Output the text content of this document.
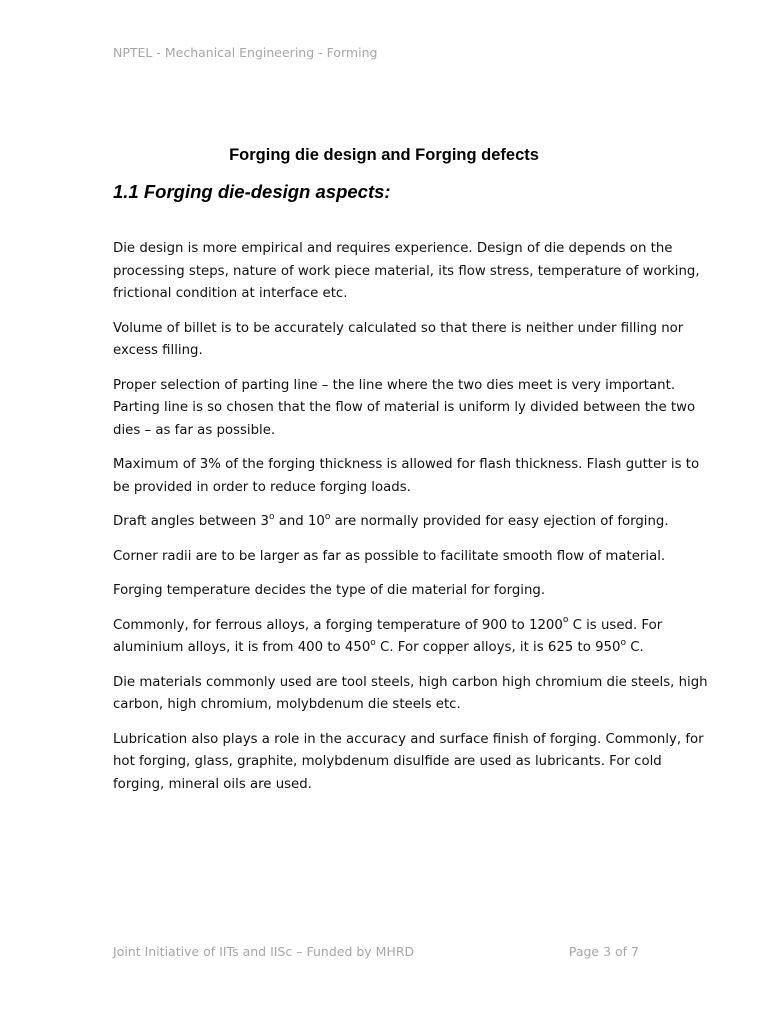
NPTEL - Mechanical Engineering - Forming
Forging die design and Forging defects
1.1 Forging die-design aspects:

Die design is more empirical and requires experience. Design of die depends on the
processing steps, nature of work piece material, its flow stress, temperature of working,
frictional condition at interface etc.

Volume of billet is to be accurately calculated so that there is neither under filling nor
excess filling.

Proper selection of parting line – the line where the two dies meet is very important.
Parting line is so chosen that the flow of material is uniform ly divided between the two
dies – as far as possible.

Maximum of 3% of the forging thickness is allowed for flash thickness. Flash gutter is to
be provided in order to reduce forging loads.

Draft angles between 3$^o$ and 10$^o$ are normally provided for easy ejection of forging.

Corner radii are to be larger as far as possible to facilitate smooth flow of material.

Forging temperature decides the type of die material for forging.

Commonly, for ferrous alloys, a forging temperature of 900 to 1200$^o$ C is used. For
aluminium alloys, it is from 400 to 450$^o$ C. For copper alloys, it is 625 to 950$^o$ C.

Die materials commonly used are tool steels, high carbon high chromium die steels, high
carbon, high chromium, molybdenum die steels etc.

Lubrication also plays a role in the accuracy and surface finish of forging. Commonly, for
hot forging, glass, graphite, molybdenum disulfide are used as lubricants. For cold
forging, mineral oils are used.

Joint Initiative of IITs and IISc – Funded by MHRD	Page 3 of 7
